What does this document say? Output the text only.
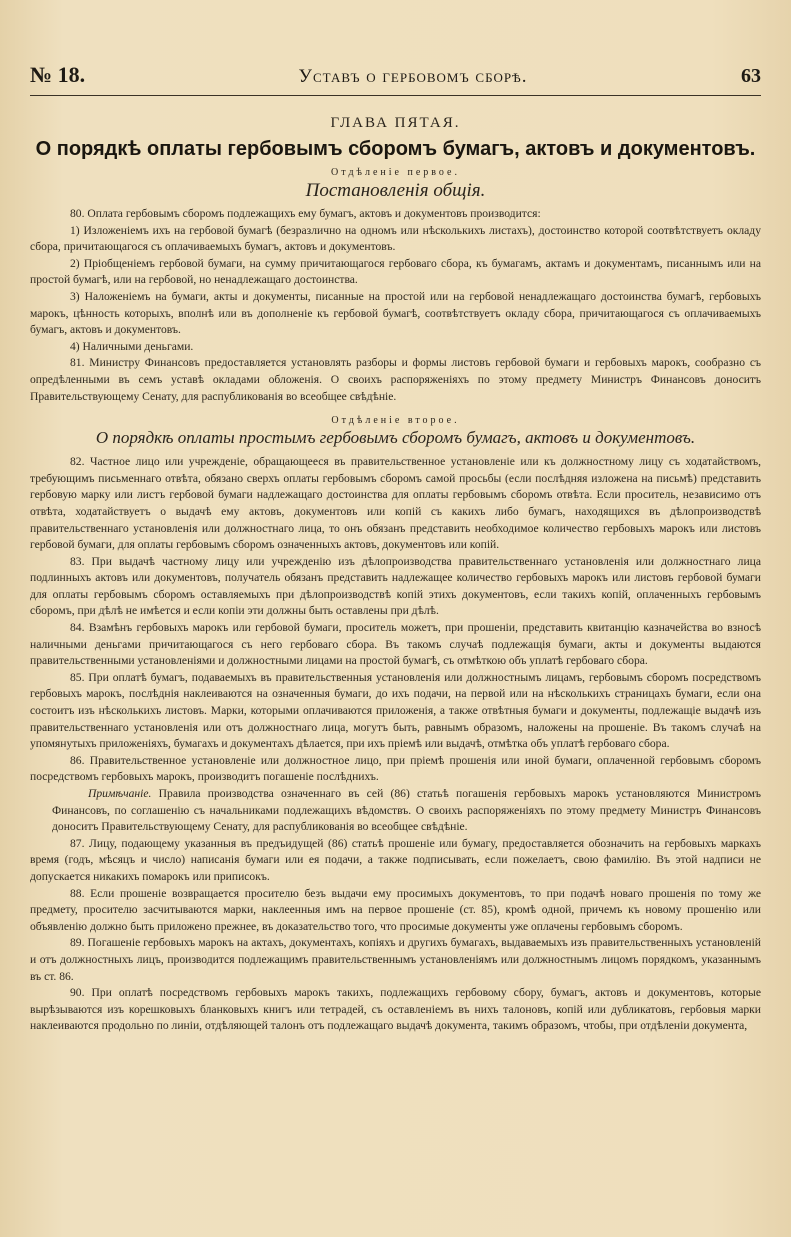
№ 18.	Уставъ о гербовомъ сборѣ.	63
ГЛАВА ПЯТАЯ.
О порядкѣ оплаты гербовымъ сборомъ бумагъ, актовъ и документовъ.
Отдѣленіе первое.
Постановленія общія.

80. Оплата гербовымъ сборомъ подлежащихъ ему бумагъ, актовъ и документовъ производится:

1) Изложеніемъ ихъ на гербовой бумагѣ (безразлично на одномъ или нѣсколькихъ листахъ), достоинство которой соотвѣтствуетъ окладу сбора, причитающагося съ оплачиваемыхъ бумагъ, актовъ и документовъ.

2) Пріобщеніемъ гербовой бумаги, на сумму причитающагося гербоваго сбора, къ бумагамъ, актамъ и документамъ, писаннымъ или на простой бумагѣ, или на гербовой, но ненадлежащаго достоинства.

3) Наложеніемъ на бумаги, акты и документы, писанные на простой или на гербовой ненадлежащаго достоинства бумагѣ, гербовыхъ марокъ, цѣнность которыхъ, вполнѣ или въ дополненіе къ гербовой бумагѣ, соотвѣтствуетъ окладу сбора, причитающагося съ оплачиваемыхъ бумагъ, актовъ и документовъ.

4) Наличными деньгами.

81. Министру Финансовъ предоставляется установлять разборы и формы листовъ гербовой бумаги и гербовыхъ марокъ, сообразно съ опредѣленными въ семъ уставѣ окладами обложенія. О своихъ распоряженіяхъ по этому предмету Министръ Финансовъ доноситъ Правительствующему Сенату, для распубликованія во всеобщее свѣдѣніе.

Отдѣленіе второе.
О порядкѣ оплаты простымъ гербовымъ сборомъ бумагъ, актовъ и документовъ.

82. Частное лицо или учрежденіе, обращающееся въ правительственное установленіе или къ должностному лицу съ ходатайствомъ, требующимъ письменнаго отвѣта, обязано сверхъ оплаты гербовымъ сборомъ самой просьбы (если послѣдняя изложена на письмѣ) представить гербовую марку или листъ гербовой бумаги надлежащаго достоинства для оплаты гербовымъ сборомъ отвѣта. Если проситель, независимо отъ отвѣта, ходатайствуетъ о выдачѣ ему актовъ, документовъ или копій съ какихъ либо бумагъ, находящихся въ дѣлопроизводствѣ правительственнаго установленія или должностнаго лица, то онъ обязанъ представить необходимое количество гербовыхъ марокъ или листовъ гербовой бумаги, для оплаты гербовымъ сборомъ означенныхъ актовъ, документовъ или копій.

83. При выдачѣ частному лицу или учрежденію изъ дѣлопроизводства правительственнаго установленія или должностнаго лица подлинныхъ актовъ или документовъ, получатель обязанъ представить надлежащее количество гербовыхъ марокъ или листовъ гербовой бумаги для оплаты гербовымъ сборомъ оставляемыхъ при дѣлопроизводствѣ копій этихъ документовъ, если такихъ копій, оплаченныхъ гербовымъ сборомъ, при дѣлѣ не имѣется и если копіи эти должны быть оставлены при дѣлѣ.

84. Взамѣнъ гербовыхъ марокъ или гербовой бумаги, проситель можетъ, при прошеніи, представить квитанцію казначейства во взносѣ наличными деньгами причитающагося съ него гербоваго сбора. Въ такомъ случаѣ подлежащія бумаги, акты и документы выдаются правительственными установленіями и должностными лицами на простой бумагѣ, съ отмѣткою объ уплатѣ гербоваго сбора.

85. При оплатѣ бумагъ, подаваемыхъ въ правительственныя установленія или должностнымъ лицамъ, гербовымъ сборомъ посредствомъ гербовыхъ марокъ, послѣднія наклеиваются на означенныя бумаги, до ихъ подачи, на первой или на нѣсколькихъ страницахъ бумаги, если она состоитъ изъ нѣсколькихъ листовъ. Марки, которыми оплачиваются приложенія, а также отвѣтныя бумаги и документы, подлежащіе выдачѣ изъ правительственнаго установленія или отъ должностнаго лица, могутъ быть, равнымъ образомъ, наложены на прошеніе. Въ такомъ случаѣ на упомянутыхъ приложеніяхъ, бумагахъ и документахъ дѣлается, при ихъ пріемѣ или выдачѣ, отмѣтка объ уплатѣ гербоваго сбора.

86. Правительственное установленіе или должностное лицо, при пріемѣ прошенія или иной бумаги, оплаченной гербовымъ сборомъ посредствомъ гербовыхъ марокъ, производитъ погашеніе послѣднихъ.

Примѣчаніе. Правила производства означеннаго въ сей (86) статьѣ погашенія гербовыхъ марокъ установляются Министромъ Финансовъ, по соглашенію съ начальниками подлежащихъ вѣдомствъ. О своихъ распоряженіяхъ по этому предмету Министръ Финансовъ доноситъ Правительствующему Сенату, для распубликованія во всеобщее свѣдѣніе.

87. Лицу, подающему указанныя въ предъидущей (86) статьѣ прошеніе или бумагу, предоставляется обозначить на гербовыхъ маркахъ время (годъ, мѣсяцъ и число) написанія бумаги или ея подачи, а также подписывать, если пожелаетъ, свою фамилію. Въ этой надписи не допускается никакихъ помарокъ или приписокъ.

88. Если прошеніе возвращается просителю безъ выдачи ему просимыхъ документовъ, то при подачѣ новаго прошенія по тому же предмету, просителю засчитываются марки, наклеенныя имъ на первое прошеніе (ст. 85), кромѣ одной, причемъ къ новому прошенію или объявленію должно быть приложено прежнее, въ доказательство того, что просимые документы уже оплачены гербовымъ сборомъ.

89. Погашеніе гербовыхъ марокъ на актахъ, документахъ, копіяхъ и другихъ бумагахъ, выдаваемыхъ изъ правительственныхъ установленій и отъ должностныхъ лицъ, производится подлежащимъ правительственнымъ установленіямъ или должностнымъ лицомъ порядкомъ, указаннымъ въ ст. 86.

90. При оплатѣ посредствомъ гербовыхъ марокъ такихъ, подлежащихъ гербовому сбору, бумагъ, актовъ и документовъ, которые вырѣзываются изъ корешковыхъ бланковыхъ книгъ или тетрадей, съ оставленіемъ въ нихъ талоновъ, копій или дубликатовъ, гербовыя марки наклеиваются продольно по линіи, отдѣляющей талонъ отъ подлежащаго выдачѣ документа, такимъ образомъ, чтобы, при отдѣленіи документа,
